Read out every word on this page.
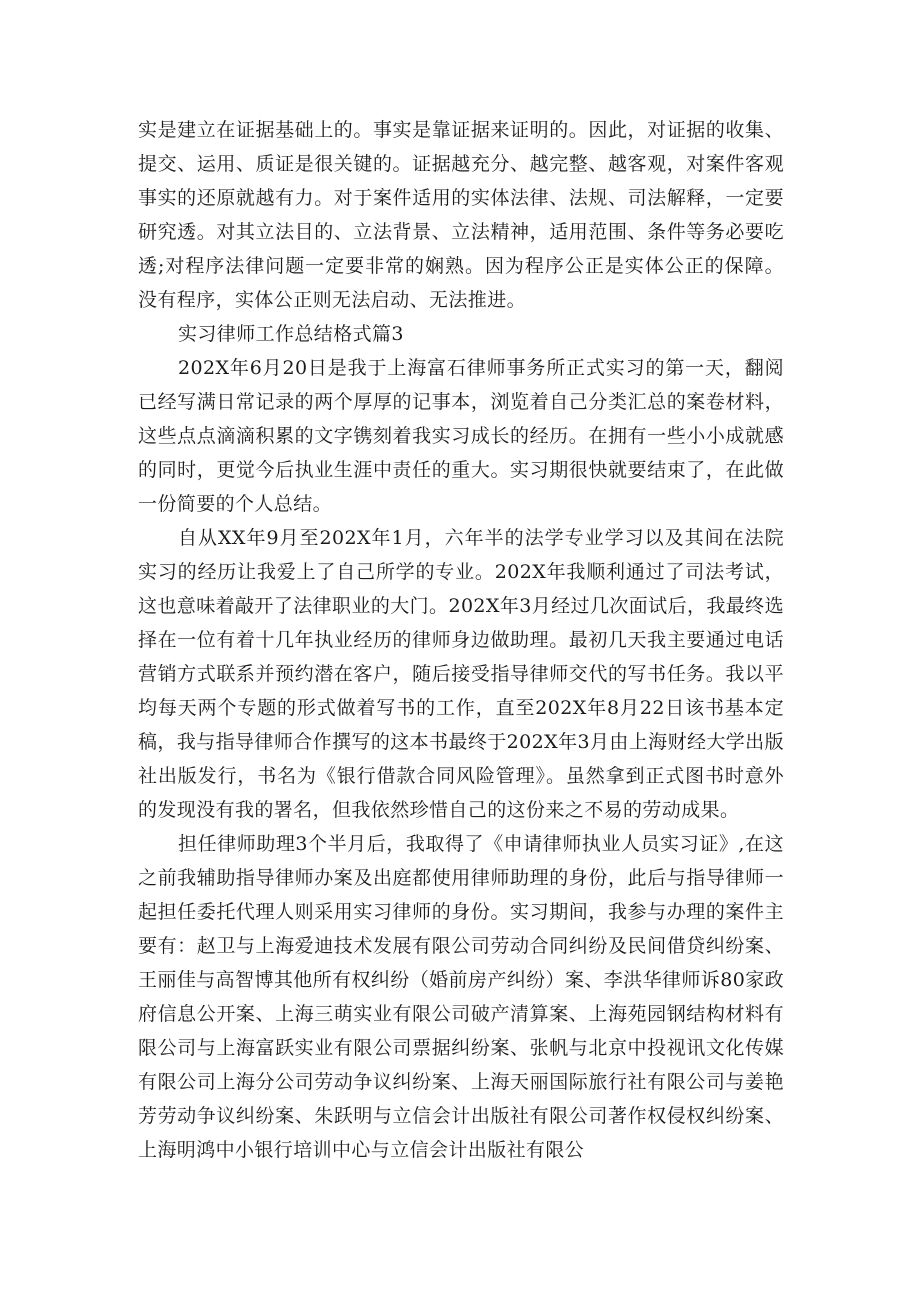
实是建立在证据基础上的。事实是靠证据来证明的。因此，对证据的收集、提交、运用、质证是很关键的。证据越充分、越完整、越客观，对案件客观事实的还原就越有力。对于案件适用的实体法律、法规、司法解释，一定要研究透。对其立法目的、立法背景、立法精神，适用范围、条件等务必要吃透;对程序法律问题一定要非常的娴熟。因为程序公正是实体公正的保障。没有程序，实体公正则无法启动、无法推进。

实习律师工作总结格式篇3

202X年6月20日是我于上海富石律师事务所正式实习的第一天，翻阅已经写满日常记录的两个厚厚的记事本，浏览着自己分类汇总的案卷材料，这些点点滴滴积累的文字镌刻着我实习成长的经历。在拥有一些小小成就感的同时，更觉今后执业生涯中责任的重大。实习期很快就要结束了，在此做一份简要的个人总结。

自从XX年9月至202X年1月，六年半的法学专业学习以及其间在法院实习的经历让我爱上了自己所学的专业。202X年我顺利通过了司法考试，这也意味着敲开了法律职业的大门。202X年3月经过几次面试后，我最终选择在一位有着十几年执业经历的律师身边做助理。最初几天我主要通过电话营销方式联系并预约潜在客户，随后接受指导律师交代的写书任务。我以平均每天两个专题的形式做着写书的工作，直至202X年8月22日该书基本定稿，我与指导律师合作撰写的这本书最终于202X年3月由上海财经大学出版社出版发行，书名为《银行借款合同风险管理》。虽然拿到正式图书时意外的发现没有我的署名，但我依然珍惜自己的这份来之不易的劳动成果。

担任律师助理3个半月后，我取得了《申请律师执业人员实习证》,在这之前我辅助指导律师办案及出庭都使用律师助理的身份，此后与指导律师一起担任委托代理人则采用实习律师的身份。实习期间，我参与办理的案件主要有：赵卫与上海爱迪技术发展有限公司劳动合同纠纷及民间借贷纠纷案、王丽佳与高智博其他所有权纠纷（婚前房产纠纷）案、李洪华律师诉80家政府信息公开案、上海三萌实业有限公司破产清算案、上海苑园钢结构材料有限公司与上海富跃实业有限公司票据纠纷案、张帆与北京中投视讯文化传媒有限公司上海分公司劳动争议纠纷案、上海天丽国际旅行社有限公司与姜艳芳劳动争议纠纷案、朱跃明与立信会计出版社有限公司著作权侵权纠纷案、上海明鸿中小银行培训中心与立信会计出版社有限公
